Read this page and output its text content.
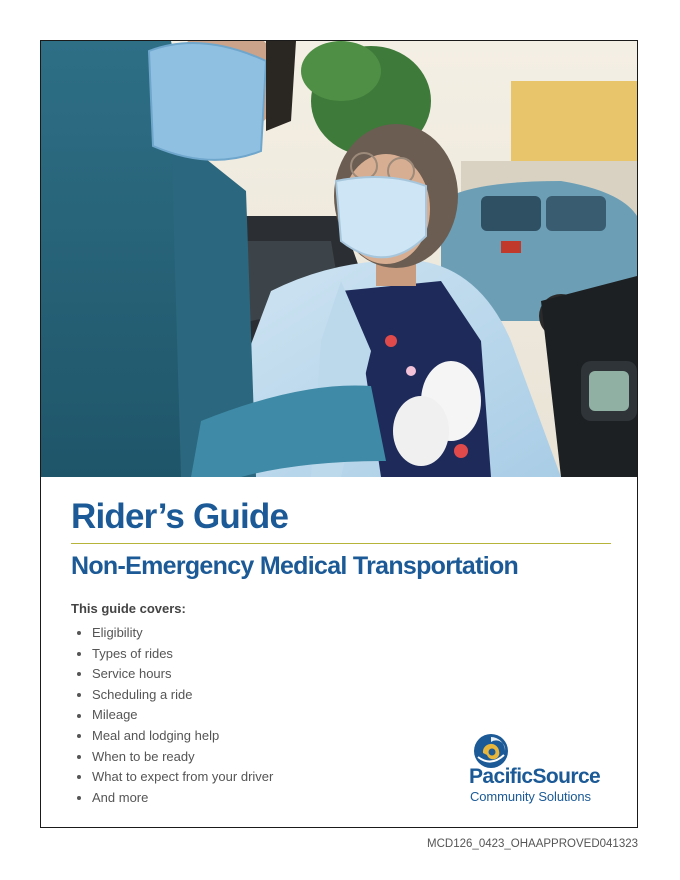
Rider’s Guide
Non-Emergency Medical Transportation
This guide covers:
Eligibility
Types of rides
Service hours
Scheduling a ride
Mileage
Meal and lodging help
When to be ready
What to expect from your driver
And more
PacificSource
Community Solutions
MCD126_0423_OHAAPPROVED041323
